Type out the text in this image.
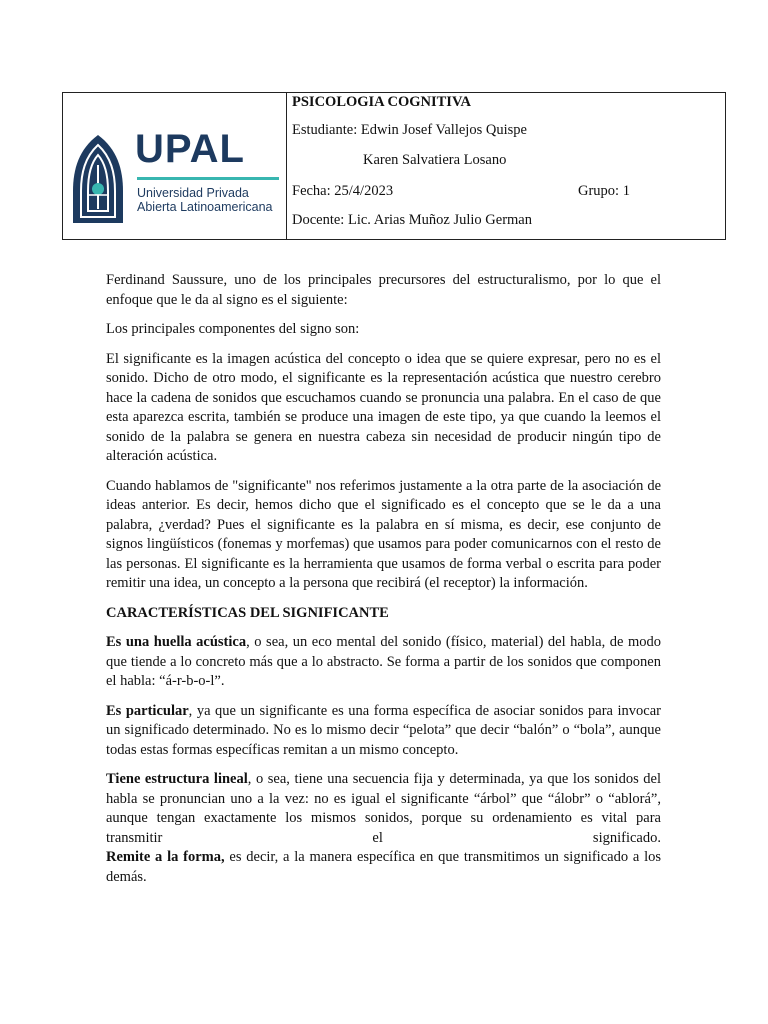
UPAL
Universidad Privada
Abierta Latinoamericana
PSICOLOGIA COGNITIVA
Estudiante: Edwin Josef Vallejos Quispe
Karen Salvatiera Losano
Fecha: 25/4/2023	Grupo: 1
Docente: Lic. Arias Muñoz Julio German

Ferdinand Saussure, uno de los principales precursores del estructuralismo, por lo que el enfoque que le da al signo es el siguiente:

Los principales componentes del signo son:

El significante es la imagen acústica del concepto o idea que se quiere expresar, pero no es el sonido. Dicho de otro modo, el significante es la representación acústica que nuestro cerebro hace la cadena de sonidos que escuchamos cuando se pronuncia una palabra. En el caso de que esta aparezca escrita, también se produce una imagen de este tipo, ya que cuando la leemos el sonido de la palabra se genera en nuestra cabeza sin necesidad de producir ningún tipo de alteración acústica.

Cuando hablamos de "significante" nos referimos justamente a la otra parte de la asociación de ideas anterior. Es decir, hemos dicho que el significado es el concepto que se le da a una palabra, ¿verdad? Pues el significante es la palabra en sí misma, es decir, ese conjunto de signos lingüísticos (fonemas y morfemas) que usamos para poder comunicarnos con el resto de las personas. El significante es la herramienta que usamos de forma verbal o escrita para poder remitir una idea, un concepto a la persona que recibirá (el receptor) la información.

CARACTERÍSTICAS DEL SIGNIFICANTE

Es una huella acústica, o sea, un eco mental del sonido (físico, material) del habla, de modo que tiende a lo concreto más que a lo abstracto. Se forma a partir de los sonidos que componen el habla: “á-r-b-o-l”.

Es particular, ya que un significante es una forma específica de asociar sonidos para invocar un significado determinado. No es lo mismo decir “pelota” que decir “balón” o “bola”, aunque todas estas formas específicas remitan a un mismo concepto.

Tiene estructura lineal, o sea, tiene una secuencia fija y determinada, ya que los sonidos del habla se pronuncian uno a la vez: no es igual el significante “árbol” que “álobr” o “ablorá”, aunque tengan exactamente los mismos sonidos, porque su ordenamiento es vital para transmitir el significado.

Remite a la forma, es decir, a la manera específica en que transmitimos un significado a los demás.
